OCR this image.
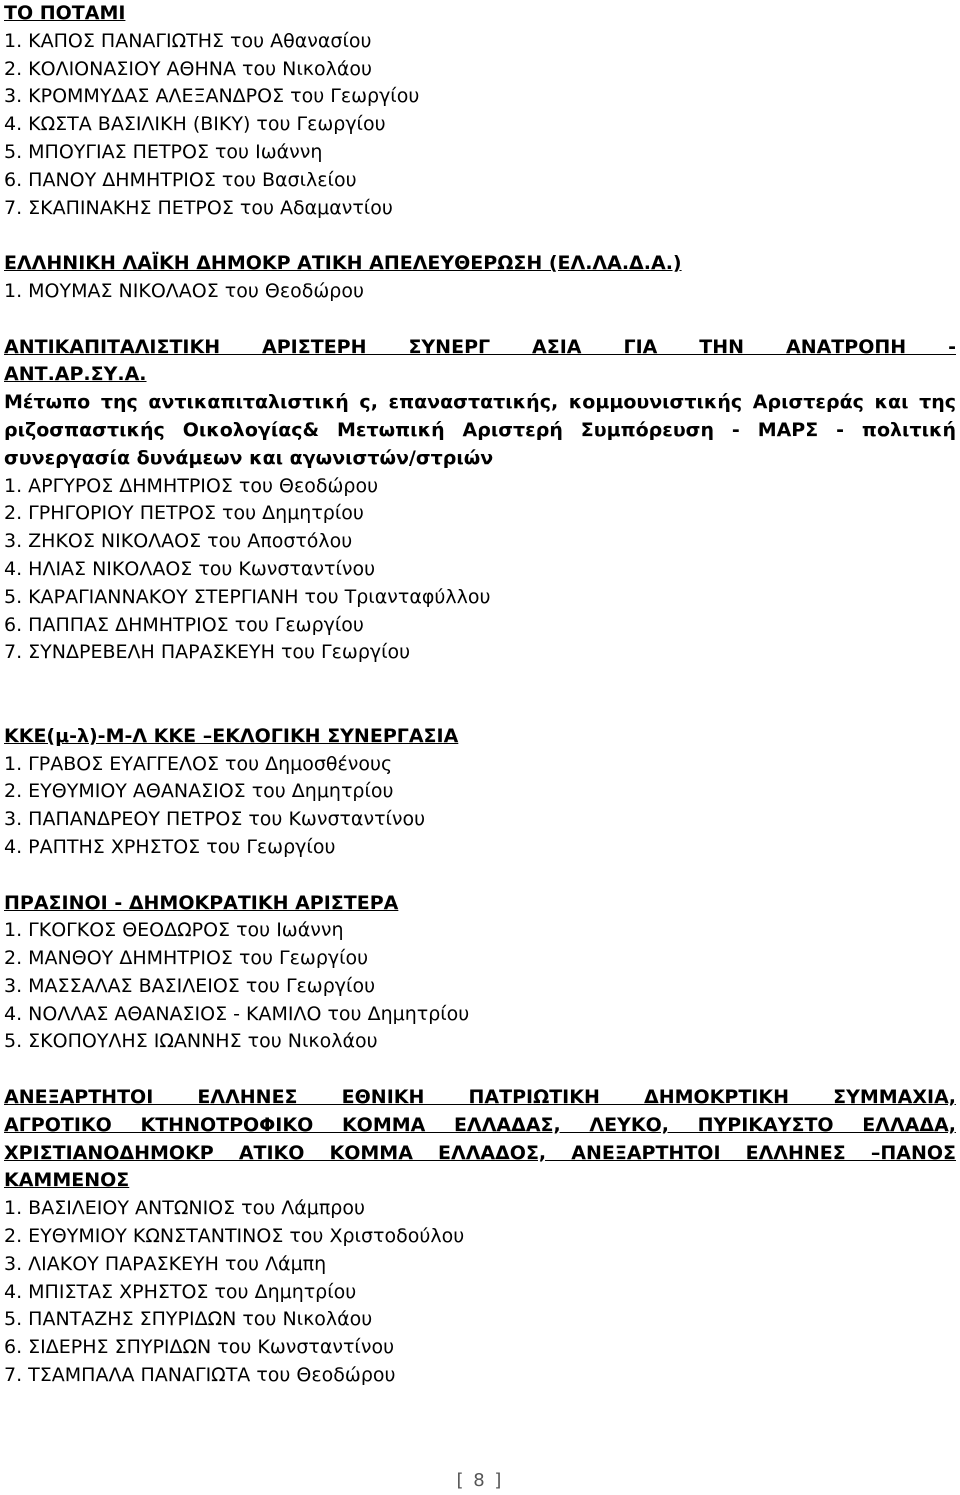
ΤΟ ΠΟΤΑΜΙ
1. ΚΑΠΟΣ ΠΑΝΑΓΙΩΤΗΣ του Αθανασίου
2. ΚΟΛΙΟΝΑΣΙΟΥ ΑΘΗΝΑ του Νικολάου
3. ΚΡΟΜΜΥΔΑΣ ΑΛΕΞΑΝΔΡΟΣ του Γεωργίου
4. ΚΩΣΤΑ ΒΑΣΙΛΙΚΗ (ΒΙΚΥ) του Γεωργίου
5. ΜΠΟΥΓΙΑΣ ΠΕΤΡΟΣ του Ιωάννη
6. ΠΑΝΟΥ ΔΗΜΗΤΡΙΟΣ του Βασιλείου
7. ΣΚΑΠΙΝΑΚΗΣ ΠΕΤΡΟΣ του Αδαμαντίου
ΕΛΛΗΝΙΚΗ ΛΑΪΚΗ ΔΗΜΟΚΡ ΑΤΙΚΗ ΑΠΕΛΕΥΘΕΡΩΣΗ (ΕΛ.ΛΑ.Δ.Α.)
1. ΜΟΥΜΑΣ ΝΙΚΟΛΑΟΣ του Θεοδώρου
ΑΝΤΙΚΑΠΙΤΑΛΙΣΤΙΚΗ ΑΡΙΣΤΕΡΗ ΣΥΝΕΡΓ ΑΣΙΑ ΓΙΑ ΤΗΝ ΑΝΑΤΡΟΠΗ -
ΑΝΤ.ΑΡ.ΣΥ.Α.
Μέτωπο της αντικαπιταλιστική ς, επαναστατικής, κομμουνιστικής Αριστεράς και της ριζοσπαστικής Οικολογίας& Μετωπική Αριστερή Συμπόρευση - ΜΑΡΣ - πολιτική συνεργασία δυνάμεων και αγωνιστών/στριών
1. ΑΡΓΥΡΟΣ ΔΗΜΗΤΡΙΟΣ του Θεοδώρου
2. ΓΡΗΓΟΡΙΟΥ ΠΕΤΡΟΣ του Δημητρίου
3. ΖΗΚΟΣ ΝΙΚΟΛΑΟΣ του Αποστόλου
4. ΗΛΙΑΣ ΝΙΚΟΛΑΟΣ του Κωνσταντίνου
5. ΚΑΡΑΓΙΑΝΝΑΚΟΥ ΣΤΕΡΓΙΑΝΗ του Τριανταφύλλου
6. ΠΑΠΠΑΣ ΔΗΜΗΤΡΙΟΣ του Γεωργίου
7. ΣΥΝΔΡΕΒΕΛΗ ΠΑΡΑΣΚΕΥΗ του Γεωργίου
ΚΚΕ(μ-λ)-Μ-Λ ΚΚΕ –ΕΚΛΟΓΙΚΗ ΣΥΝΕΡΓΑΣΙΑ
1. ΓΡΑΒΟΣ ΕΥΑΓΓΕΛΟΣ του Δημοσθένους
2. ΕΥΘΥΜΙΟΥ ΑΘΑΝΑΣΙΟΣ του Δημητρίου
3. ΠΑΠΑΝΔΡΕΟΥ ΠΕΤΡΟΣ του Κωνσταντίνου
4. ΡΑΠΤΗΣ ΧΡΗΣΤΟΣ του Γεωργίου
ΠΡΑΣΙΝΟΙ - ΔΗΜΟΚΡΑΤΙΚΗ ΑΡΙΣΤΕΡΑ
1. ΓΚΟΓΚΟΣ ΘΕΟΔΩΡΟΣ του Ιωάννη
2. ΜΑΝΘΟΥ ΔΗΜΗΤΡΙΟΣ του Γεωργίου
3. ΜΑΣΣΑΛΑΣ ΒΑΣΙΛΕΙΟΣ του Γεωργίου
4. ΝΟΛΛΑΣ ΑΘΑΝΑΣΙΟΣ - ΚΑΜΙΛΟ του Δημητρίου
5. ΣΚΟΠΟΥΛΗΣ ΙΩΑΝΝΗΣ του Νικολάου
ΑΝΕΞΑΡΤΗΤΟΙ ΕΛΛΗΝΕΣ ΕΘΝΙΚΗ ΠΑΤΡΙΩΤΙΚΗ ΔΗΜΟΚΡΤΙΚΗ ΣΥΜΜΑΧΙΑ,
ΑΓΡΟΤΙΚΟ ΚΤΗΝΟΤΡΟΦΙΚΟ ΚΟΜΜΑ ΕΛΛΑΔΑΣ, ΛΕΥΚΟ, ΠΥΡΙΚΑΥΣΤΟ ΕΛΛΑΔΑ,
ΧΡΙΣΤΙΑΝΟΔΗΜΟΚΡ ΑΤΙΚΟ ΚΟΜΜΑ ΕΛΛΑΔΟΣ, ΑΝΕΞΑΡΤΗΤΟΙ ΕΛΛΗΝΕΣ –ΠΑΝΟΣ
ΚΑΜΜΕΝΟΣ
1. ΒΑΣΙΛΕΙΟΥ ΑΝΤΩΝΙΟΣ του Λάμπρου
2. ΕΥΘΥΜΙΟΥ ΚΩΝΣΤΑΝΤΙΝΟΣ του Χριστοδούλου
3. ΛΙΑΚΟΥ ΠΑΡΑΣΚΕΥΗ του Λάμπη
4. ΜΠΙΣΤΑΣ ΧΡΗΣΤΟΣ του Δημητρίου
5. ΠΑΝΤΑΖΗΣ ΣΠΥΡΙΔΩΝ του Νικολάου
6. ΣΙΔΕΡΗΣ ΣΠΥΡΙΔΩΝ του Κωνσταντίνου
7. ΤΣΑΜΠΑΛΑ ΠΑΝΑΓΙΩΤΑ του Θεοδώρου
[ 8 ]
